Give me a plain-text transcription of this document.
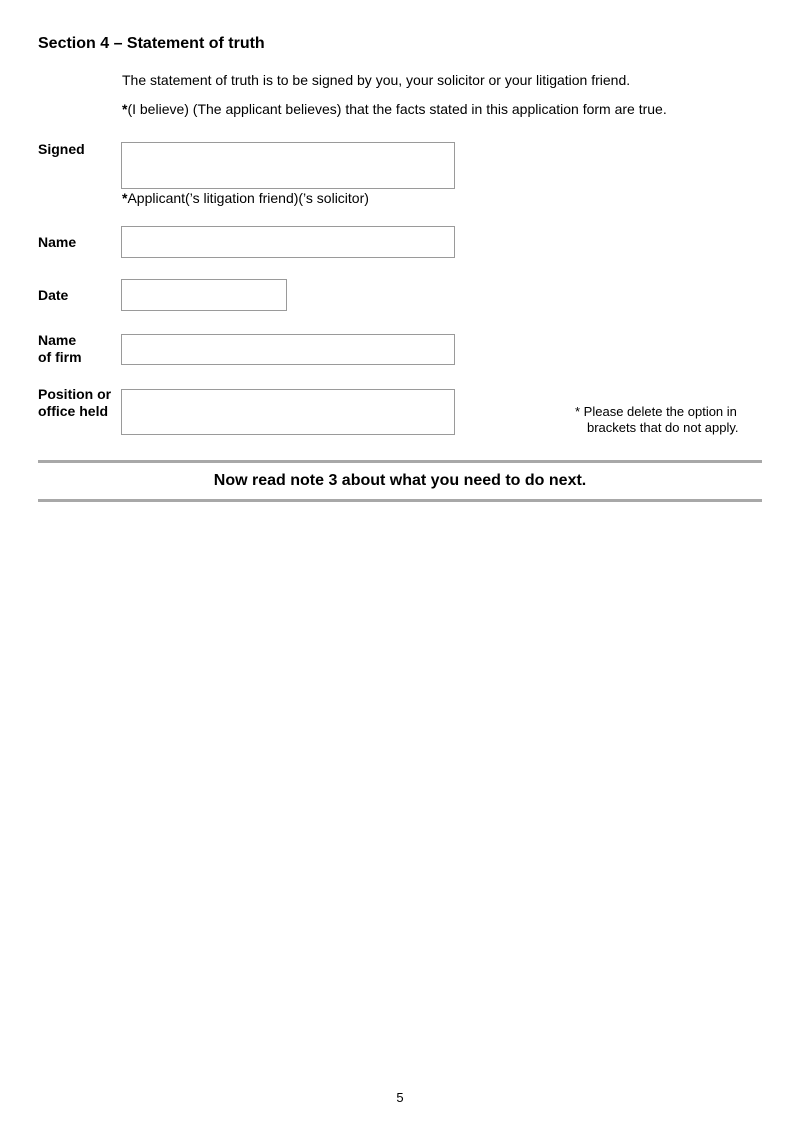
Section 4 – Statement of truth
The statement of truth is to be signed by you, your solicitor or your litigation friend.
*(I believe) (The applicant believes) that the facts stated in this application form are true.
Signed
*Applicant(’s litigation friend)(’s solicitor)
Name
Date
Name
of firm
Position or
office held	* Please delete the option in
brackets that do not apply.
Now read note 3 about what you need to do next.
5
